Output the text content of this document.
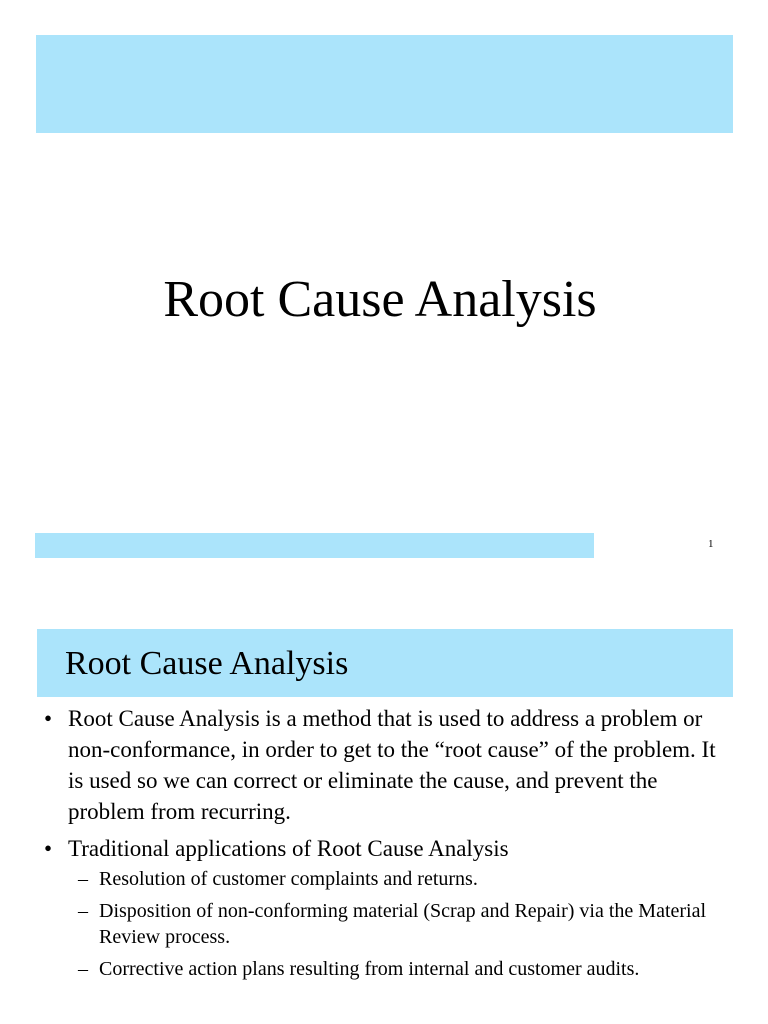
Root Cause Analysis
1
Root Cause Analysis
• Root Cause Analysis is a method that is used to address a problem or non-conformance, in order to get to the “root cause” of the problem. It is used so we can correct or eliminate the cause, and prevent the problem from recurring.
• Traditional applications of Root Cause Analysis
– Resolution of customer complaints and returns.
– Disposition of non-conforming material (Scrap and Repair) via the Material Review process.
– Corrective action plans resulting from internal and customer audits.
